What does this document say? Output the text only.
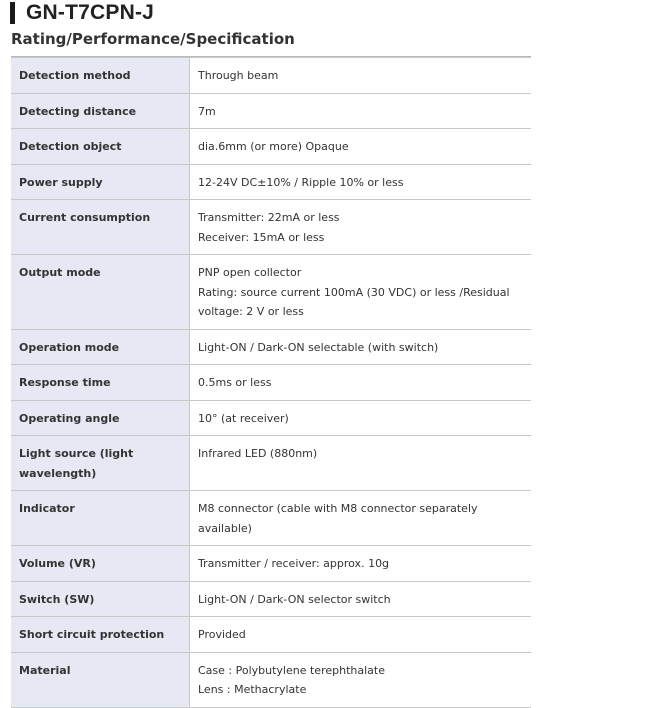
GN-T7CPN-J
Rating/Performance/Specification
Detection method	Through beam

Detecting distance	7m

Detection object	dia.6mm (or more) Opaque

Power supply	12-24V DC±10% / Ripple 10% or less

Current consumption	Transmitter: 22mA or less
Receiver: 15mA or less

Output mode	PNP open collector
Rating: source current 100mA (30 VDC) or less /Residual
voltage: 2 V or less

Operation mode	Light-ON / Dark-ON selectable (with switch)

Response time	0.5ms or less

Operating angle	10° (at receiver)

Light source (light wavelength)	Infrared LED (880nm)

Indicator	M8 connector (cable with M8 connector separately available)

Volume (VR)	Transmitter / receiver: approx. 10g

Switch (SW)	Light-ON / Dark-ON selector switch

Short circuit protection	Provided

Material	Case : Polybutylene terephthalate
Lens : Methacrylate
